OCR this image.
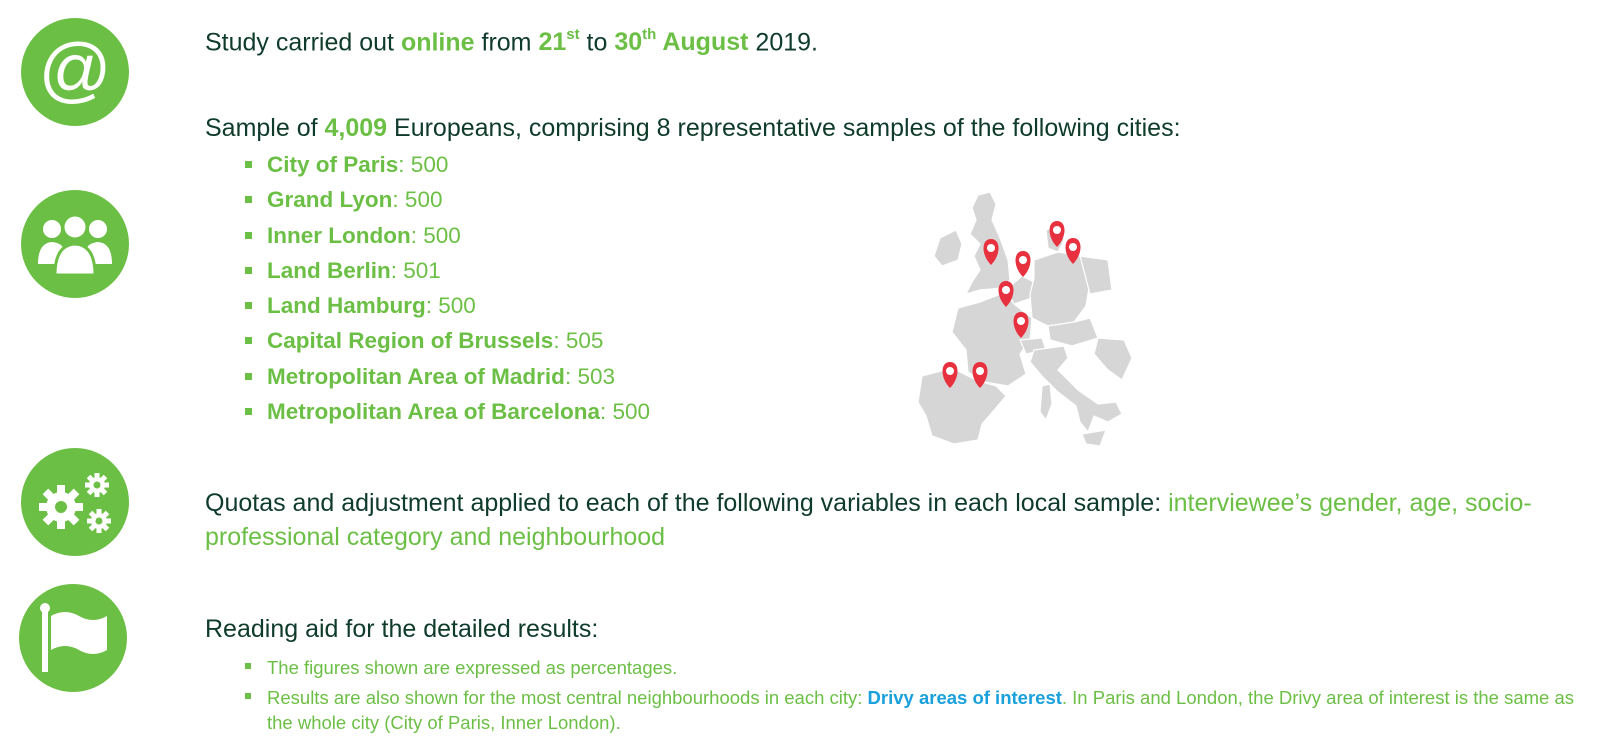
@	Study carried out online from 21st to 30th August 2019.
Sample of 4,009 Europeans, comprising 8 representative samples of the following cities:
City of Paris: 500
Grand Lyon: 500
Inner London: 500
Land Berlin: 501
Land Hamburg: 500
Capital Region of Brussels: 505
Metropolitan Area of Madrid: 503
Metropolitan Area of Barcelona: 500
Quotas and adjustment applied to each of the following variables in each local sample: interviewee’s gender, age, socio-professional category and neighbourhood
Reading aid for the detailed results:
The figures shown are expressed as percentages.
Results are also shown for the most central neighbourhoods in each city: Drivy areas of interest. In Paris and London, the Drivy area of interest is the same as the whole city (City of Paris, Inner London).
